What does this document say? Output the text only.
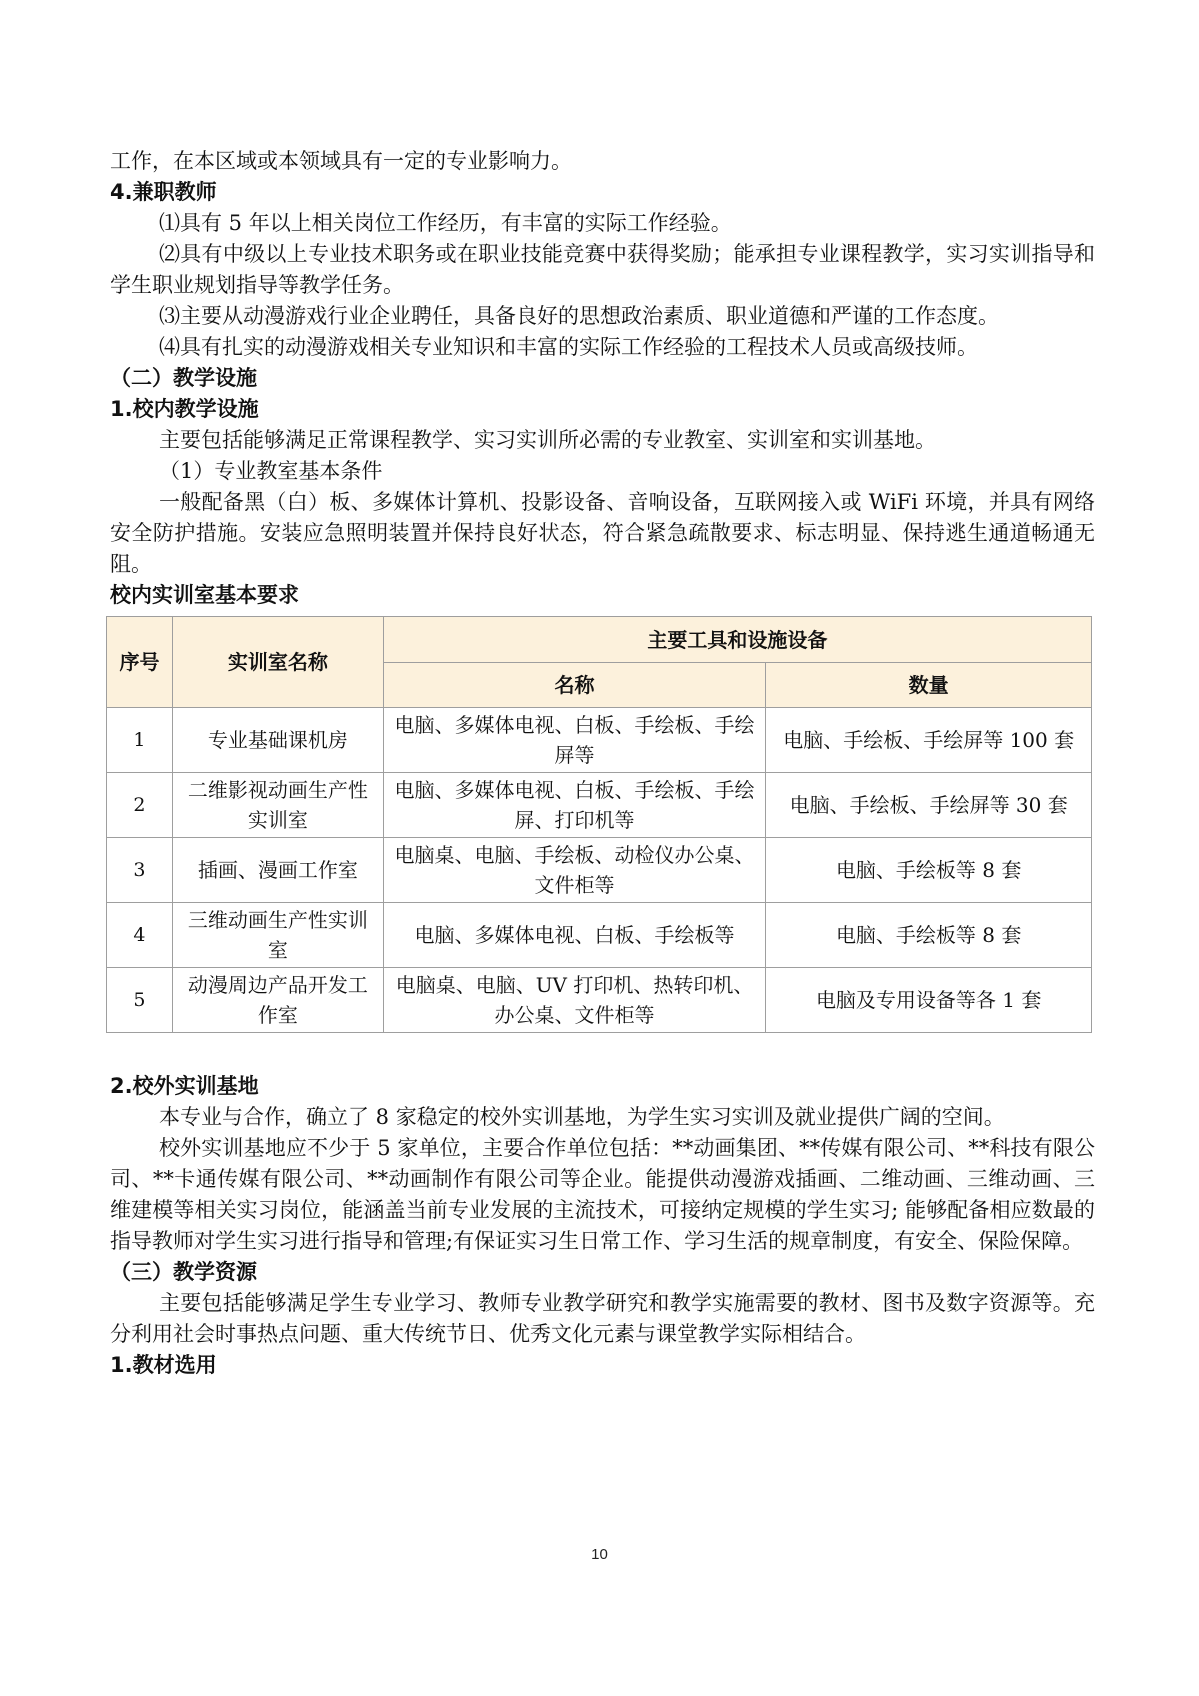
工作，在本区域或本领域具有一定的专业影响力。

4.兼职教师

⑴具有 5 年以上相关岗位工作经历，有丰富的实际工作经验。

⑵具有中级以上专业技术职务或在职业技能竞赛中获得奖励；能承担专业课程教学，实习实训指导和学生职业规划指导等教学任务。

⑶主要从动漫游戏行业企业聘任，具备良好的思想政治素质、职业道德和严谨的工作态度。

⑷具有扎实的动漫游戏相关专业知识和丰富的实际工作经验的工程技术人员或高级技师。

（二）教学设施

1.校内教学设施

主要包括能够满足正常课程教学、实习实训所必需的专业教室、实训室和实训基地。

（1）专业教室基本条件

一般配备黑（白）板、多媒体计算机、投影设备、音响设备，互联网接入或 WiFi 环境，并具有网络安全防护措施。安装应急照明装置并保持良好状态，符合紧急疏散要求、标志明显、保持逃生通道畅通无阻。

校内实训室基本要求

序号	实训室名称	主要工具和设施设备	
		名称	数量
1	专业基础课机房	电脑、多媒体电视、白板、手绘板、手绘屏等	电脑、手绘板、手绘屏等 100 套
2	二维影视动画生产性实训室	电脑、多媒体电视、白板、手绘板、手绘屏、打印机等	电脑、手绘板、手绘屏等 30 套
3	插画、漫画工作室	电脑桌、电脑、手绘板、动检仪办公桌、文件柜等	电脑、手绘板等 8 套
4	三维动画生产性实训室	电脑、多媒体电视、白板、手绘板等	电脑、手绘板等 8 套
5	动漫周边产品开发工作室	电脑桌、电脑、UV 打印机、热转印机、办公桌、文件柜等	电脑及专用设备等各 1 套

2.校外实训基地

本专业与合作，确立了 8 家稳定的校外实训基地，为学生实习实训及就业提供广阔的空间。

校外实训基地应不少于 5 家单位，主要合作单位包括：**动画集团、**传媒有限公司、**科技有限公司、**卡通传媒有限公司、**动画制作有限公司等企业。能提供动漫游戏插画、二维动画、三维动画、三维建模等相关实习岗位，能涵盖当前专业发展的主流技术，可接纳定规模的学生实习; 能够配备相应数最的指导教师对学生实习进行指导和管理;有保证实习生日常工作、学习生活的规章制度，有安全、保险保障。

（三）教学资源

主要包括能够满足学生专业学习、教师专业教学研究和教学实施需要的教材、图书及数字资源等。充分利用社会时事热点问题、重大传统节日、优秀文化元素与课堂教学实际相结合。

1.教材选用

10
